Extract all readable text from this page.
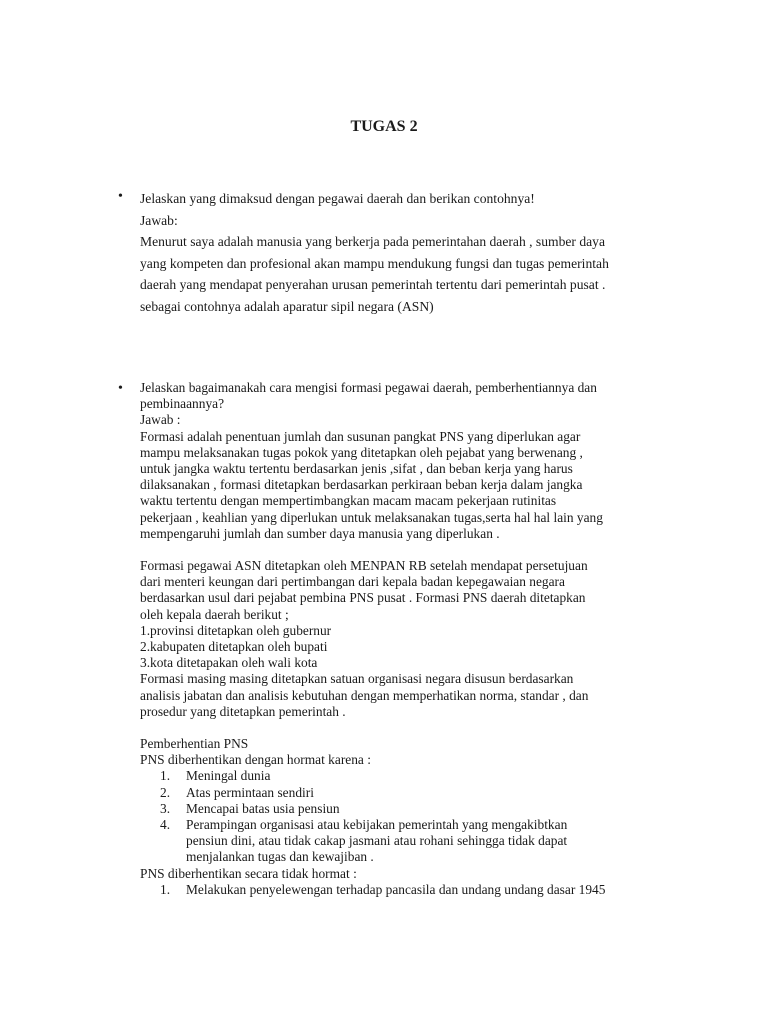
TUGAS 2
• Jelaskan yang dimaksud dengan pegawai daerah dan berikan contohnya!

Jawab:

Menurut saya adalah manusia yang berkerja pada pemerintahan daerah , sumber daya

yang kompeten dan profesional akan mampu mendukung fungsi dan tugas pemerintah

daerah yang mendapat penyerahan urusan pemerintah tertentu dari pemerintah pusat .

sebagai contohnya adalah aparatur sipil negara (ASN)

• Jelaskan bagaimanakah cara mengisi formasi pegawai daerah, pemberhentiannya dan

pembinaannya?

Jawab :

Formasi adalah penentuan jumlah dan susunan pangkat PNS yang diperlukan agar

mampu melaksanakan tugas pokok yang ditetapkan oleh pejabat yang berwenang ,

untuk jangka waktu tertentu berdasarkan jenis ,sifat , dan beban kerja yang harus

dilaksanakan , formasi ditetapkan berdasarkan perkiraan beban kerja dalam jangka

waktu tertentu dengan mempertimbangkan macam macam pekerjaan rutinitas

pekerjaan , keahlian yang diperlukan untuk melaksanakan tugas,serta hal hal lain yang

mempengaruhi jumlah dan sumber daya manusia yang diperlukan .

Formasi pegawai ASN ditetapkan oleh MENPAN RB setelah mendapat persetujuan

dari menteri keungan dari pertimbangan dari kepala badan kepegawaian negara

berdasarkan usul dari pejabat pembina PNS pusat . Formasi PNS daerah ditetapkan

oleh kepala daerah berikut ;

1.provinsi ditetapkan oleh gubernur

2.kabupaten ditetapkan oleh bupati

3.kota ditetapakan oleh wali kota

Formasi masing masing ditetapkan satuan organisasi negara disusun berdasarkan

analisis jabatan dan analisis kebutuhan dengan memperhatikan norma, standar , dan

prosedur yang ditetapkan pemerintah .

Pemberhentian PNS

PNS diberhentikan dengan hormat karena :

1. Meningal dunia
2. Atas permintaan sendiri
3. Mencapai batas usia pensiun
4. Perampingan organisasi atau kebijakan pemerintah yang mengakibtkan
pensiun dini, atau tidak cakap jasmani atau rohani sehingga tidak dapat
menjalankan tugas dan kewajiban .

PNS diberhentikan secara tidak hormat :

1. Melakukan penyelewengan terhadap pancasila dan undang undang dasar 1945
